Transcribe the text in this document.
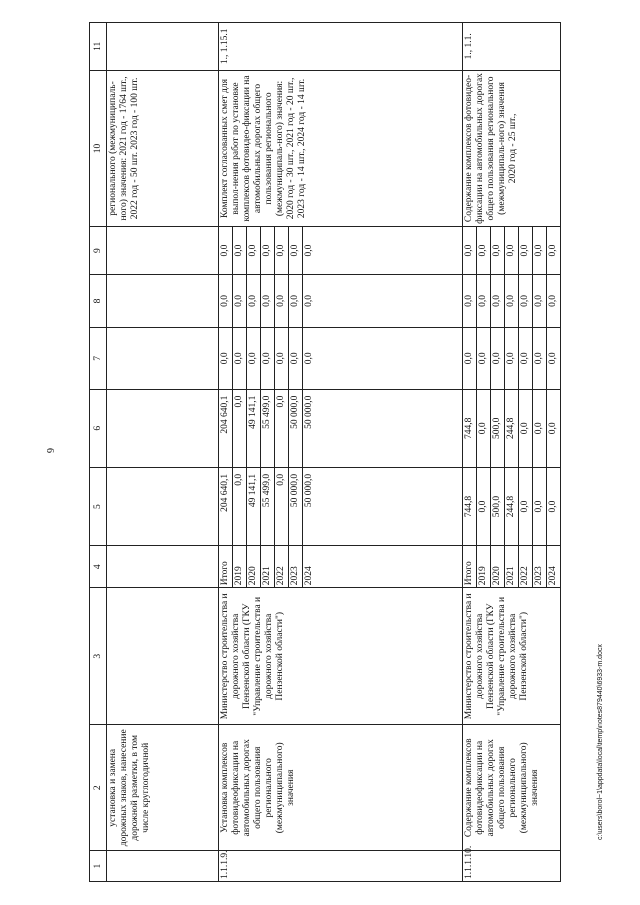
6
1	2	3	4	5	6	7	8	9	10	11
	установка и замена дорожных знаков, нанесение дорожной разметки, в том числе круглогодичной								регионального (межмуниципаль-ного) значения: 2021 год - 1764 шт., 2022 год - 50 шт. 2023 год - 100 шт.	
1.1.1.9.	Установка комплексов фотовидеофиксации на автомобильных дорогах общего пользования регионального (межмуниципального) значения	Министерство строительства и дорожного хозяйства Пензенской области (ГКУ "Управление строительства и дорожного хозяйства Пензенской области")	Итого	204 640,1	204 640,1	0,0	0,0	0,0	Комплект согласованных смет для выпол-нения работ по установке комплексов фотовидео-фиксации на автомобильных дорогах общего пользования регионального (межмуниципаль-ного) значения: 2020 год - 30 шт., 2021 год - 20 шт., 2023 год - 14 шт., 2024 год - 14 шт.	1., 1.15.1
			2019	0,0	0,0	0,0	0,0	0,0		
			2020	49 141,1	49 141,1	0,0	0,0	0,0		
			2021	55 499,0	55 499,0	0,0	0,0	0,0		
			2022	0,0	0,0	0,0	0,0	0,0		
			2023	50 000,0	50 000,0	0,0	0,0	0,0		
			2024	50 000,0	50 000,0	0,0	0,0	0,0		
1.1.1.10.	Содержание комплексов фотовидеофиксации на автомобильных дорогах общего пользования регионального (межмуниципального) значения	Министерство строительства и дорожного хозяйства Пензенской области (ГКУ "Управление строительства и дорожного хозяйства Пензенской области")	Итого	744,8	744,8	0,0	0,0	0,0	Содержание комплексов фотовидео-фиксации на автомобильных дорогах общего пользования регионального (межмуниципаль-ного) значения 2020 год - 25 шт.,	1., 1.1.
			2019	0,0	0,0	0,0	0,0	0,0		
			2020	500,0	500,0	0,0	0,0	0,0		
			2021	244,8	244,8	0,0	0,0	0,0		
			2022	0,0	0,0	0,0	0,0	0,0		
			2023	0,0	0,0	0,0	0,0	0,0		
			2024	0,0	0,0	0,0	0,0	0,0		
c:\users\borol~1\appdata\local\temp\notes879440\6933-m.docx
